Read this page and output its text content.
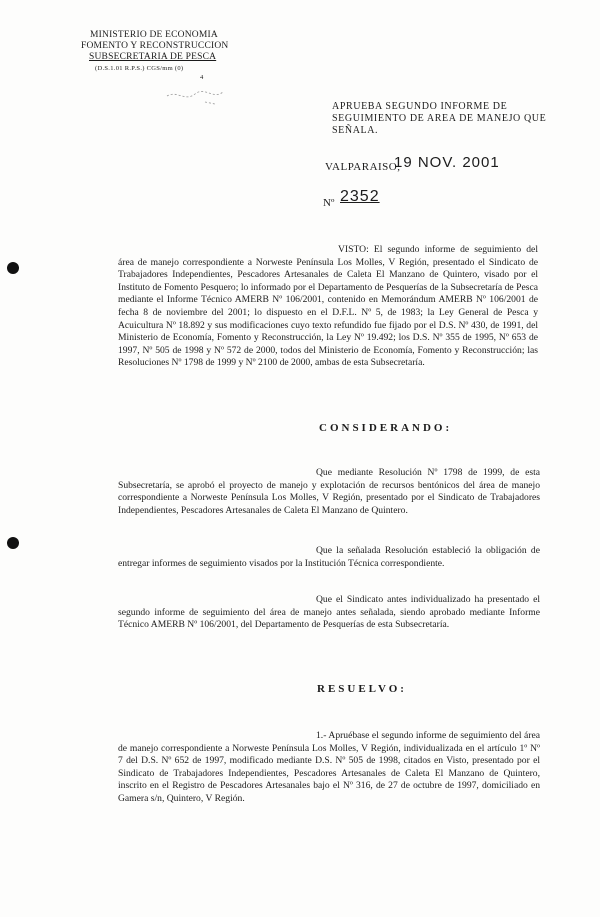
MINISTERIO DE ECONOMIA
FOMENTO Y RECONSTRUCCION
SUBSECRETARIA DE PESCA
(D.S.1.01 R.P.S.) CGS/mm (0)
4
APRUEBA SEGUNDO INFORME DE
SEGUIMIENTO DE AREA DE MANEJO QUE
SEÑALA.
VALPARAISO,
19 NOV. 2001
Nº 2352
VISTO: El segundo informe de seguimiento del área de manejo correspondiente a Norweste Península Los Molles, V Región, presentado el Sindicato de Trabajadores Independientes, Pescadores Artesanales de Caleta El Manzano de Quintero, visado por el Instituto de Fomento Pesquero; lo informado por el Departamento de Pesquerías de la Subsecretaría de Pesca mediante el Informe Técnico AMERB Nº 106/2001, contenido en Memorándum AMERB Nº 106/2001 de fecha 8 de noviembre del 2001; lo dispuesto en el D.F.L. Nº 5, de 1983; la Ley General de Pesca y Acuicultura Nº 18.892 y sus modificaciones cuyo texto refundido fue fijado por el D.S. Nº 430, de 1991, del Ministerio de Economía, Fomento y Reconstrucción, la Ley Nº 19.492; los D.S. Nº 355 de 1995, Nº 653 de 1997, Nº 505 de 1998 y Nº 572 de 2000, todos del Ministerio de Economía, Fomento y Reconstrucción; las Resoluciones Nº 1798 de 1999 y Nº 2100 de 2000, ambas de esta Subsecretaría.
CONSIDERANDO:
Que mediante Resolución Nº 1798 de 1999, de esta Subsecretaría, se aprobó el proyecto de manejo y explotación de recursos bentónicos del área de manejo correspondiente a Norweste Península Los Molles, V Región, presentado por el Sindicato de Trabajadores Independientes, Pescadores Artesanales de Caleta El Manzano de Quintero.
Que la señalada Resolución estableció la obligación de entregar informes de seguimiento visados por la Institución Técnica correspondiente.
Que el Sindicato antes individualizado ha presentado el segundo informe de seguimiento del área de manejo antes señalada, siendo aprobado mediante Informe Técnico AMERB Nº 106/2001, del Departamento de Pesquerías de esta Subsecretaría.
RESUELVO:
1.- Apruébase el segundo informe de seguimiento del área de manejo correspondiente a Norweste Península Los Molles, V Región, individualizada en el artículo 1º Nº 7 del D.S. Nº 652 de 1997, modificado mediante D.S. Nº 505 de 1998, citados en Visto, presentado por el Sindicato de Trabajadores Independientes, Pescadores Artesanales de Caleta El Manzano de Quintero, inscrito en el Registro de Pescadores Artesanales bajo el Nº 316, de 27 de octubre de 1997, domiciliado en Gamera s/n, Quintero, V Región.
